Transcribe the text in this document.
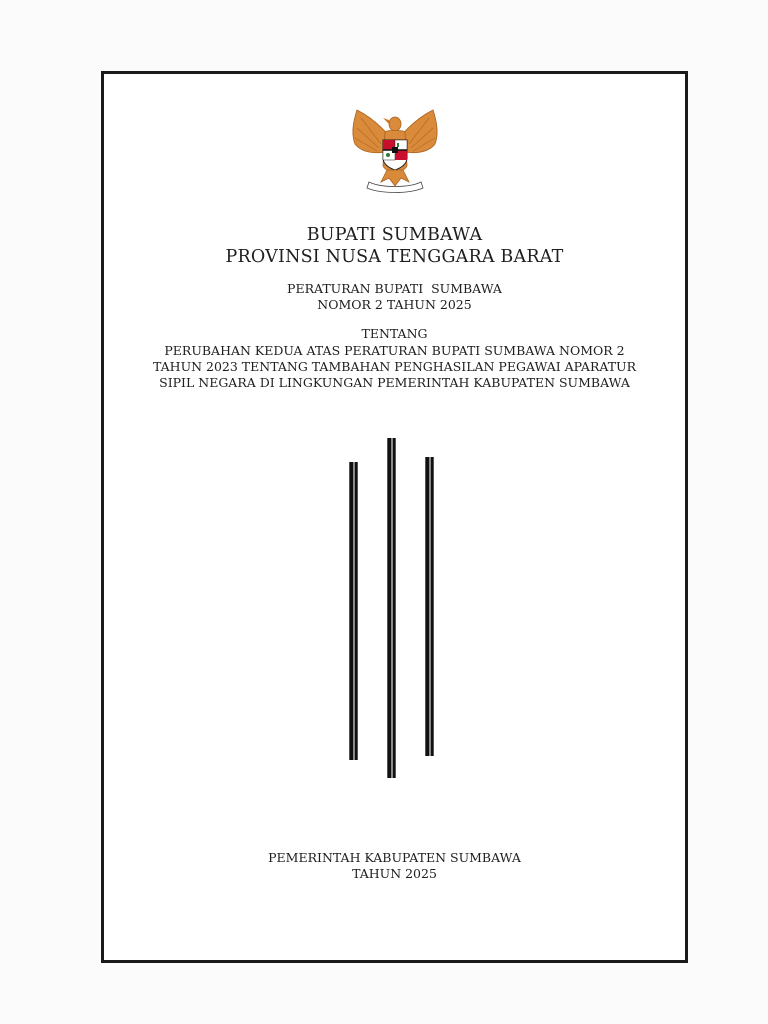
BUPATI SUMBAWA
PROVINSI NUSA TENGGARA BARAT
PERATURAN BUPATI  SUMBAWA
NOMOR 2 TAHUN 2025
TENTANG
PERUBAHAN KEDUA ATAS PERATURAN BUPATI SUMBAWA NOMOR 2
TAHUN 2023 TENTANG TAMBAHAN PENGHASILAN PEGAWAI APARATUR
SIPIL NEGARA DI LINGKUNGAN PEMERINTAH KABUPATEN SUMBAWA
PEMERINTAH KABUPATEN SUMBAWA
TAHUN 2025
